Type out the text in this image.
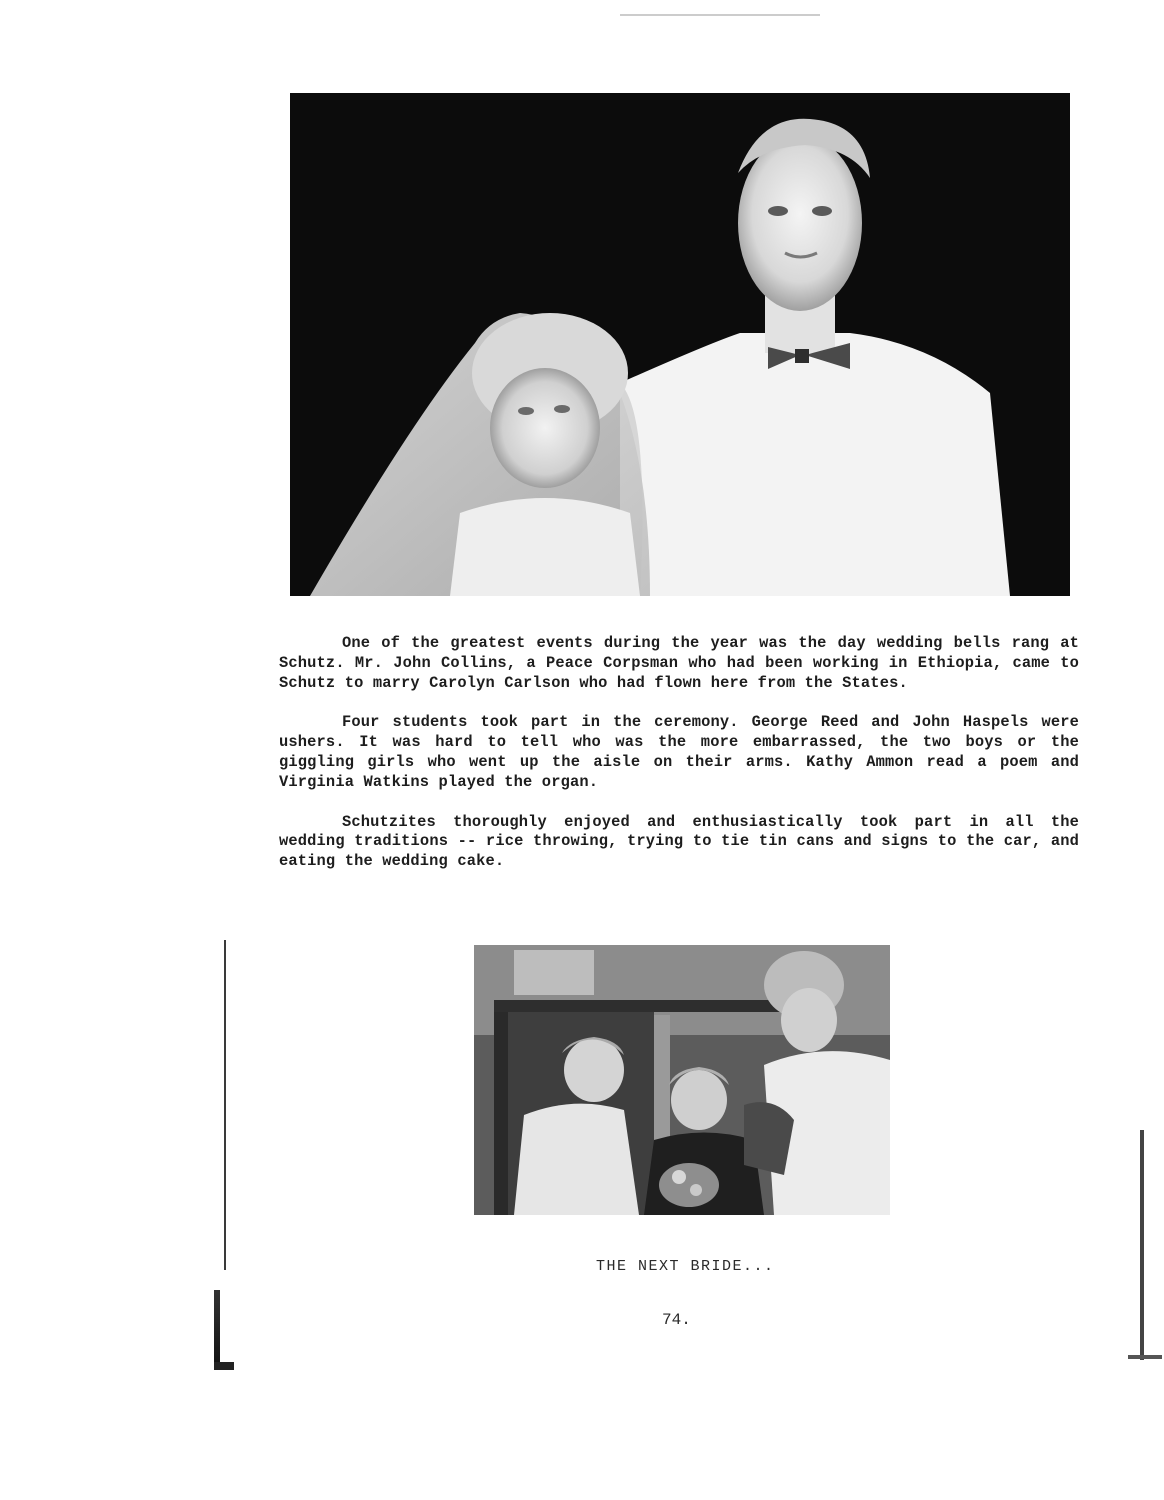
One of the greatest events during the year was the day wedding bells rang at Schutz. Mr. John Collins, a Peace Corpsman who had been working in Ethiopia, came to Schutz to marry Carolyn Carlson who had flown here from the States.

Four students took part in the ceremony. George Reed and John Haspels were ushers. It was hard to tell who was the more embarrassed, the two boys or the giggling girls who went up the aisle on their arms. Kathy Ammon read a poem and Virginia Watkins played the organ.

Schutzites thoroughly enjoyed and enthusiastically took part in all the wedding traditions -- rice throwing, trying to tie tin cans and signs to the car, and eating the wedding cake.

THE NEXT BRIDE...
74.
